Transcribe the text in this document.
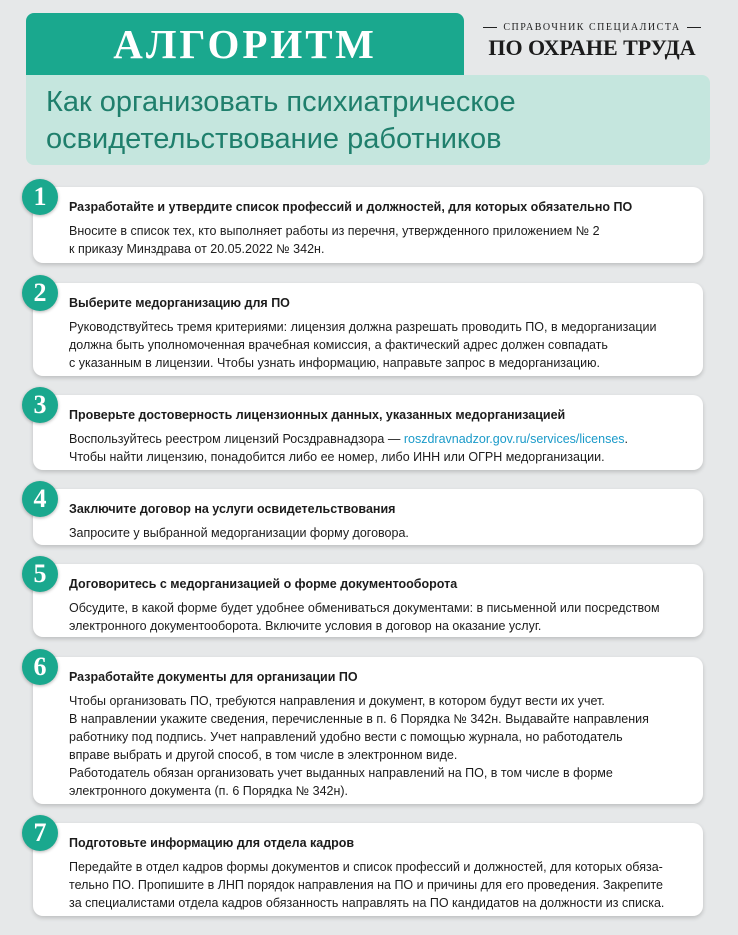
АЛГОРИТМ	СПРАВОЧНИК СПЕЦИАЛИСТА
ПО ОХРАНЕ ТРУДА
Как организовать психиатрическое
освидетельствование работников
1	Разработайте и утвердите список профессий и должностей, для которых обязательно ПО
Вносите в список тех, кто выполняет работы из перечня, утвержденного приложением № 2
к приказу Минздрава от 20.05.2022 № 342н.
2	Выберите медорганизацию для ПО
Руководствуйтесь тремя критериями: лицензия должна разрешать проводить ПО, в медорганизации
должна быть уполномоченная врачебная комиссия, а фактический адрес должен совпадать
с указанным в лицензии. Чтобы узнать информацию, направьте запрос в медорганизацию.
3	Проверьте достоверность лицензионных данных, указанных медорганизацией
Воспользуйтесь реестром лицензий Росздравнадзора — roszdravnadzor.gov.ru/services/licenses.
Чтобы найти лицензию, понадобится либо ее номер, либо ИНН или ОГРН медорганизации.
4	Заключите договор на услуги освидетельствования
Запросите у выбранной медорганизации форму договора.
5	Договоритесь с медорганизацией о форме документооборота
Обсудите, в какой форме будет удобнее обмениваться документами: в письменной или посредством
электронного документооборота. Включите условия в договор на оказание услуг.
6	Разработайте документы для организации ПО
Чтобы организовать ПО, требуются направления и документ, в котором будут вести их учет.
В направлении укажите сведения, перечисленные в п. 6 Порядка № 342н. Выдавайте направления
работнику под подпись. Учет направлений удобно вести с помощью журнала, но работодатель
вправе выбрать и другой способ, в том числе в электронном виде.
Работодатель обязан организовать учет выданных направлений на ПО, в том числе в форме
электронного документа (п. 6 Порядка № 342н).
7	Подготовьте информацию для отдела кадров
Передайте в отдел кадров формы документов и список профессий и должностей, для которых обяза-
тельно ПО. Пропишите в ЛНП порядок направления на ПО и причины для его проведения. Закрепите
за специалистами отдела кадров обязанность направлять на ПО кандидатов на должности из списка.
